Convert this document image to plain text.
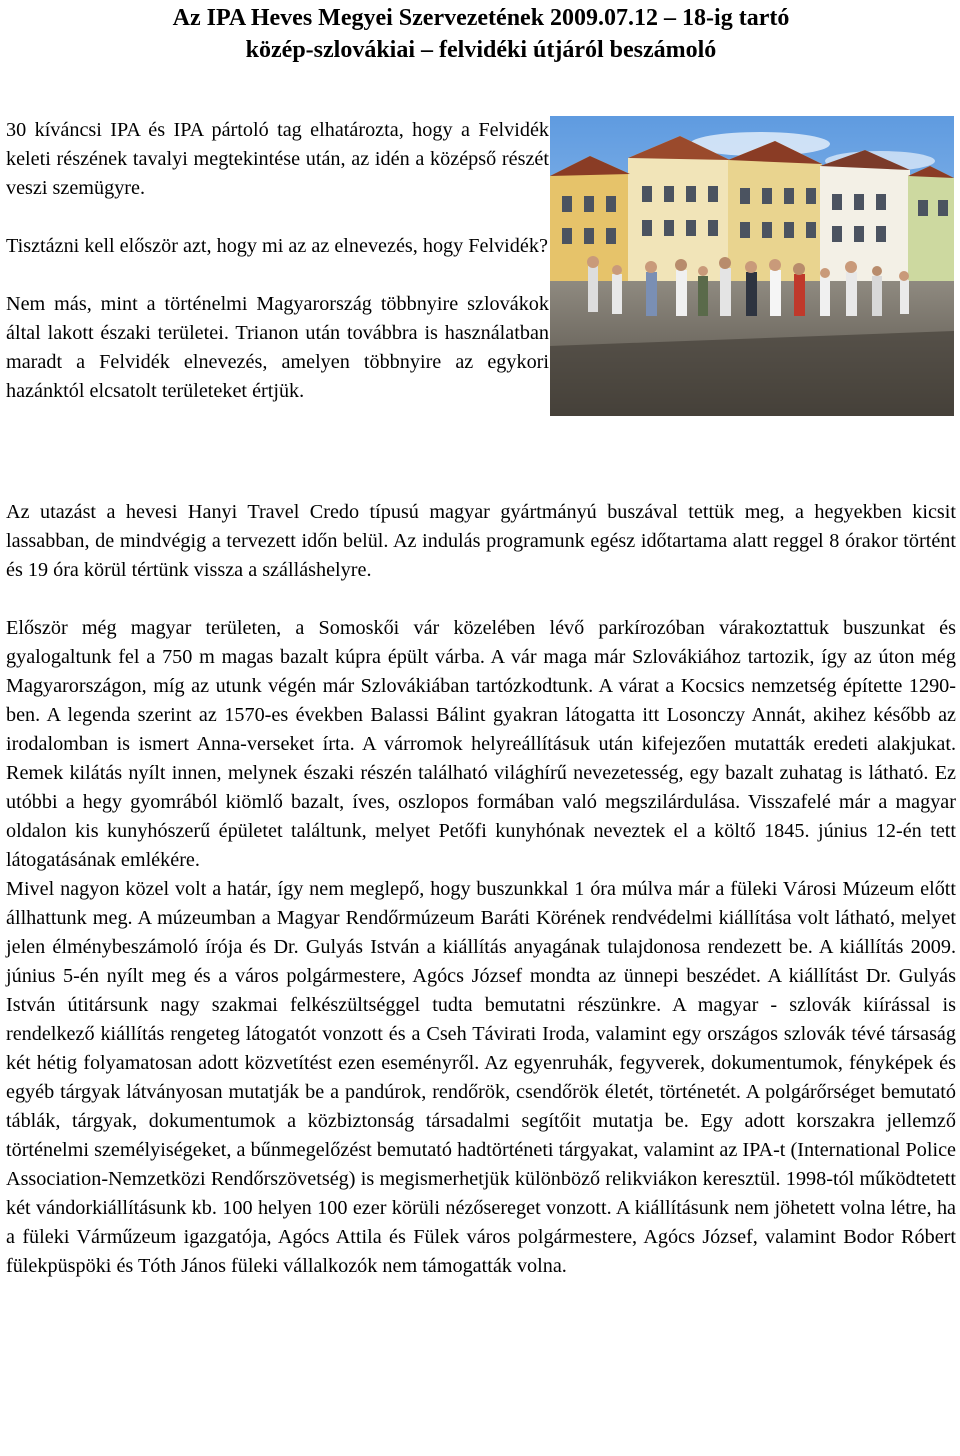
Az IPA Heves Megyei Szervezetének 2009.07.12 – 18-ig tartó
közép-szlovákiai – felvidéki útjáról beszámoló

30 kíváncsi IPA és IPA pártoló tag elhatározta, hogy a Felvidék keleti részének tavalyi megtekintése után, az idén a középső részét veszi szemügyre.

Tisztázni kell először azt, hogy mi az az elnevezés, hogy Felvidék?

Nem más, mint a történelmi Magyarország többnyire szlovákok által lakott északi területei. Trianon után továbbra is használatban maradt a Felvidék elnevezés, amelyen többnyire az egykori hazánktól elcsatolt területeket értjük.

Az utazást a hevesi Hanyi Travel Credo típusú magyar gyártmányú buszával tettük meg, a hegyekben kicsit lassabban, de mindvégig a tervezett időn belül. Az indulás programunk egész időtartama alatt reggel 8 órakor történt és 19 óra körül tértünk vissza a szálláshelyre.

Először még magyar területen, a Somoskői vár közelében lévő parkírozóban várakoztattuk buszunkat és gyalogaltunk fel a 750 m magas bazalt kúpra épült várba. A vár maga már Szlovákiához tartozik, így az úton még Magyarországon, míg az utunk végén már Szlovákiában tartózkodtunk. A várat a Kocsics nemzetség építette 1290-ben. A legenda szerint az 1570-es években Balassi Bálint gyakran látogatta itt Losonczy Annát, akihez később az irodalomban is ismert Anna-verseket írta. A várromok helyreállításuk után kifejezően mutatták eredeti alakjukat. Remek kilátás nyílt innen, melynek északi részén található világhírű nevezetesség, egy bazalt zuhatag is látható. Ez utóbbi a hegy gyomrából kiömlő bazalt, íves, oszlopos formában való megszilárdulása. Visszafelé már a magyar oldalon kis kunyhószerű épületet találtunk, melyet Petőfi kunyhónak neveztek el a költő 1845. június 12-én tett látogatásának emlékére.

Mivel nagyon közel volt a határ, így nem meglepő, hogy buszunkkal 1 óra múlva már a füleki Városi Múzeum előtt állhattunk meg. A múzeumban a Magyar Rendőrmúzeum Baráti Körének rendvédelmi kiállítása volt látható, melyet jelen élménybeszámoló írója és Dr. Gulyás István a kiállítás anyagának tulajdonosa rendezett be. A kiállítás 2009. június 5-én nyílt meg és a város polgármestere, Agócs József mondta az ünnepi beszédet. A kiállítást Dr. Gulyás István útitársunk nagy szakmai felkészültséggel tudta bemutatni részünkre. A magyar - szlovák kiírással is rendelkező kiállítás rengeteg látogatót vonzott és a Cseh Távirati Iroda, valamint egy országos szlovák tévé társaság két hétig folyamatosan adott közvetítést ezen eseményről. Az egyenruhák, fegyverek, dokumentumok, fényképek és egyéb tárgyak látványosan mutatják be a pandúrok, rendőrök, csendőrök életét, történetét. A polgárőrséget bemutató táblák, tárgyak, dokumentumok a közbiztonság társadalmi segítőit mutatja be. Egy adott korszakra jellemző történelmi személyiségeket, a bűnmegelőzést bemutató hadtörténeti tárgyakat, valamint az IPA-t (International Police Association-Nemzetközi Rendőrszövetség) is megismerhetjük különböző relikviákon keresztül. 1998-tól működtetett két vándorkiállításunk kb. 100 helyen 100 ezer körüli nézősereget vonzott. A kiállításunk nem jöhetett volna létre, ha a füleki Várműzeum igazgatója, Agócs Attila és Fülek város polgármestere, Agócs József, valamint Bodor Róbert fülekpüspöki és Tóth János füleki vállalkozók nem támogatták volna.
